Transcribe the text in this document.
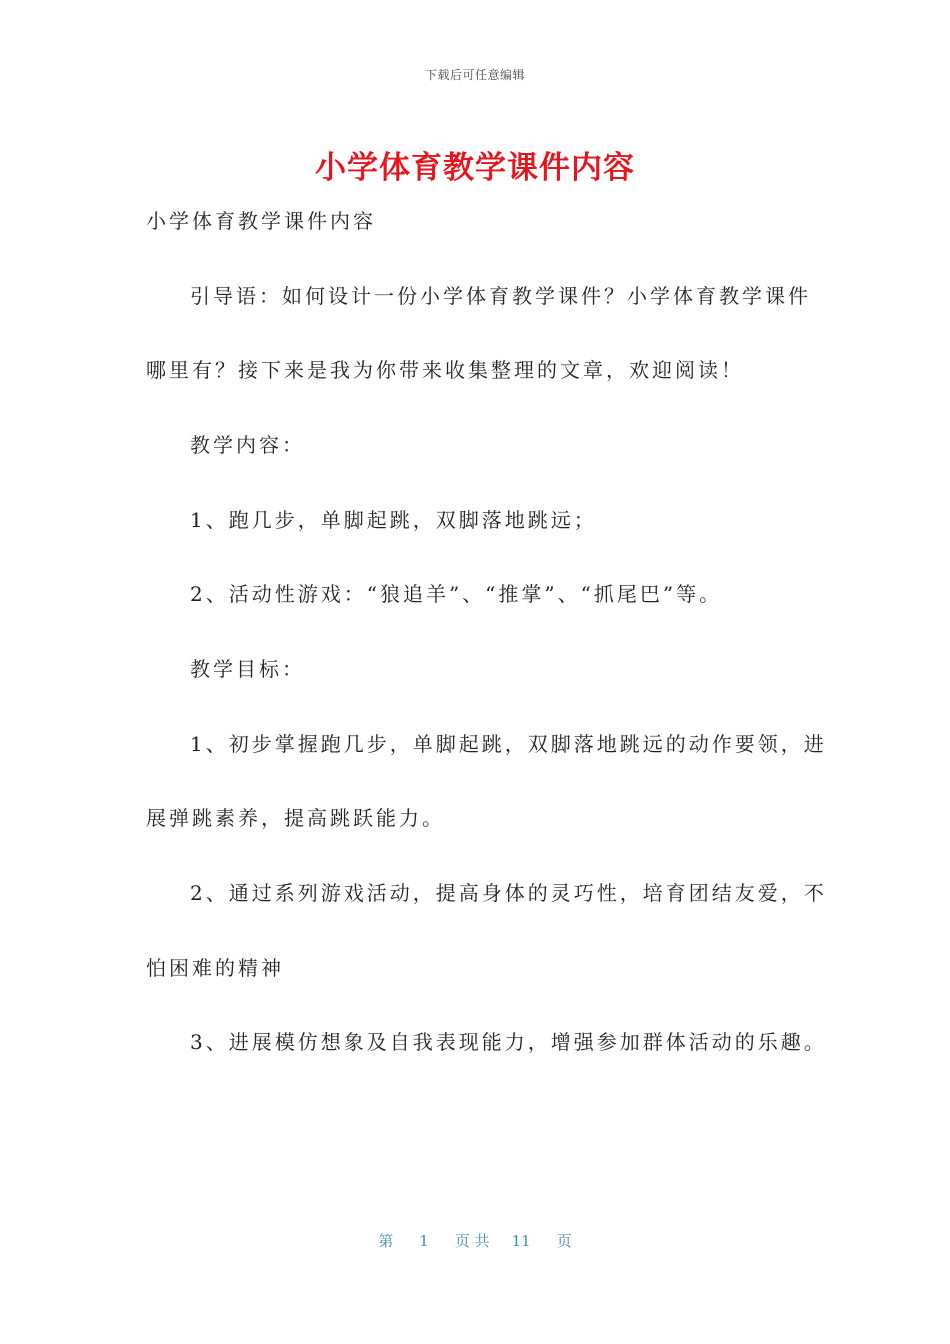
下载后可任意编辑
小学体育教学课件内容
小学体育教学课件内容
引导语：如何设计一份小学体育教学课件？小学体育教学课件
哪里有？接下来是我为你带来收集整理的文章，欢迎阅读！
教学内容：
1、跑几步，单脚起跳，双脚落地跳远；
2、活动性游戏：“狼追羊”、“推掌”、“抓尾巴”等。
教学目标：
1、初步掌握跑几步，单脚起跳，双脚落地跳远的动作要领，进
展弹跳素养，提高跳跃能力。
2、通过系列游戏活动，提高身体的灵巧性，培育团结友爱，不
怕困难的精神
3、进展模仿想象及自我表现能力，增强参加群体活动的乐趣。
第 1 页 共 11 页
